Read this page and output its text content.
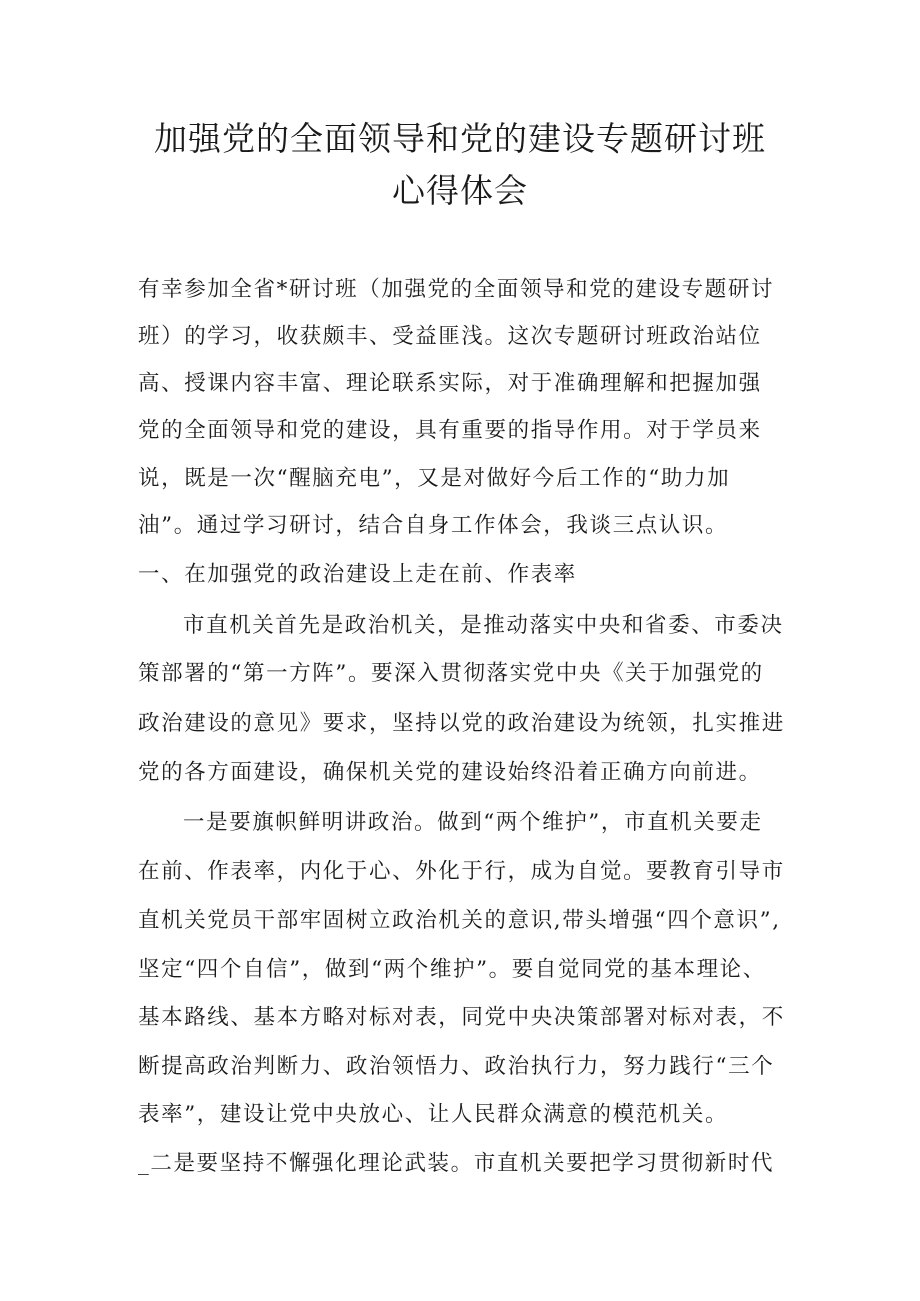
加强党的全面领导和党的建设专题研讨班
心得体会
有幸参加全省*研讨班（加强党的全面领导和党的建设专题研讨
班）的学习，收获颇丰、受益匪浅。这次专题研讨班政治站位
高、授课内容丰富、理论联系实际，对于准确理解和把握加强
党的全面领导和党的建设，具有重要的指导作用。对于学员来
说，既是一次“醒脑充电”，又是对做好今后工作的“助力加
油”。通过学习研讨，结合自身工作体会，我谈三点认识。
一、在加强党的政治建设上走在前、作表率
市直机关首先是政治机关，是推动落实中央和省委、市委决
策部署的“第一方阵”。要深入贯彻落实党中央《关于加强党的
政治建设的意见》要求，坚持以党的政治建设为统领，扎实推进
党的各方面建设，确保机关党的建设始终沿着正确方向前进。
一是要旗帜鲜明讲政治。做到“两个维护”，市直机关要走
在前、作表率，内化于心、外化于行，成为自觉。要教育引导市
直机关党员干部牢固树立政治机关的意识,带头增强“四个意识”,
坚定“四个自信”，做到“两个维护”。要自觉同党的基本理论、
基本路线、基本方略对标对表，同党中央决策部署对标对表，不
断提高政治判断力、政治领悟力、政治执行力，努力践行“三个
表率”，建设让党中央放心、让人民群众满意的模范机关。
_二是要坚持不懈强化理论武装。市直机关要把学习贯彻新时代
